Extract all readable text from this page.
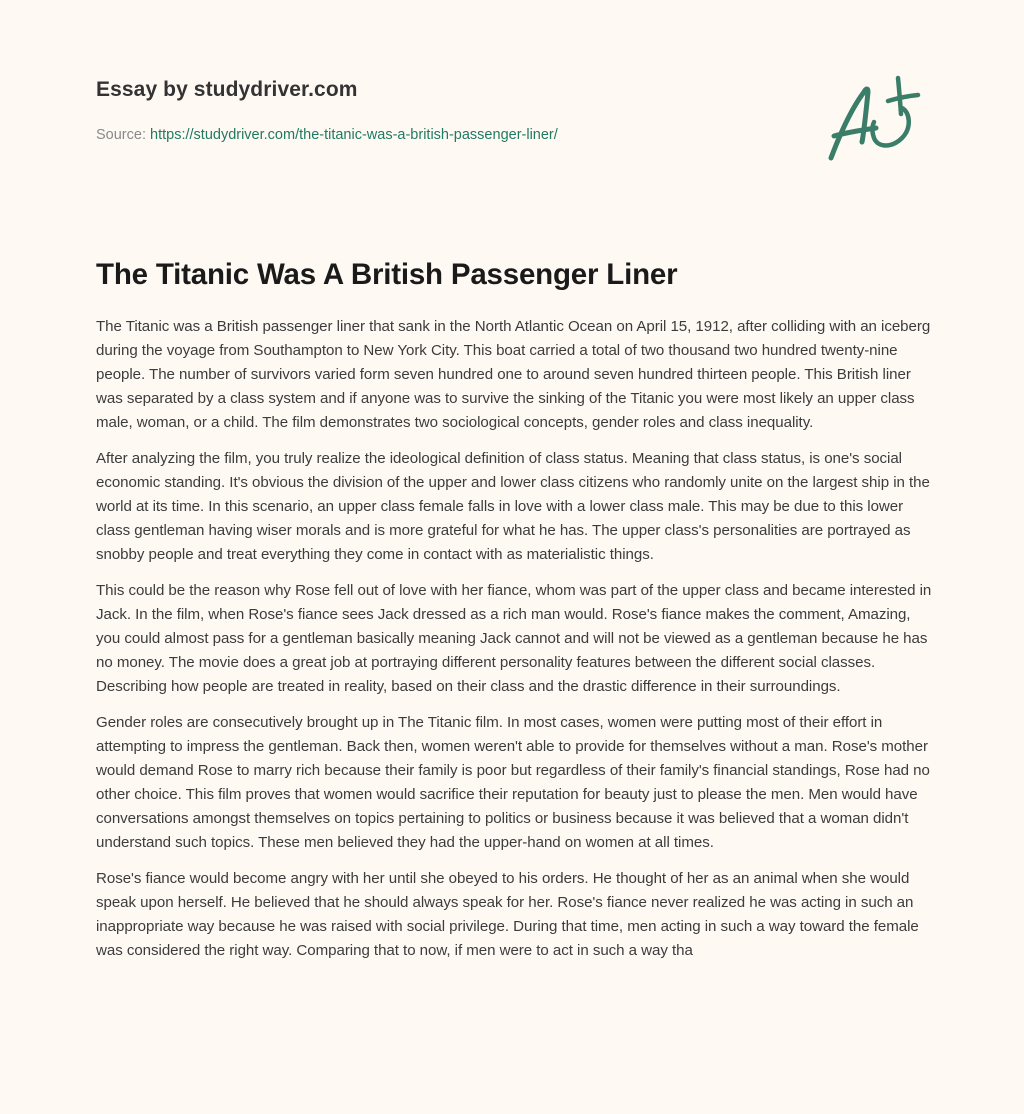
Essay by studydriver.com
Source: https://studydriver.com/the-titanic-was-a-british-passenger-liner/
The Titanic Was A British Passenger Liner

The Titanic was a British passenger liner that sank in the North Atlantic Ocean on April 15, 1912, after colliding with an iceberg during the voyage from Southampton to New York City. This boat carried a total of two thousand two hundred twenty-nine people. The number of survivors varied form seven hundred one to around seven hundred thirteen people. This British liner was separated by a class system and if anyone was to survive the sinking of the Titanic you were most likely an upper class male, woman, or a child. The film demonstrates two sociological concepts, gender roles and class inequality.

After analyzing the film, you truly realize the ideological definition of class status. Meaning that class status, is one's social economic standing. It's obvious the division of the upper and lower class citizens who randomly unite on the largest ship in the world at its time. In this scenario, an upper class female falls in love with a lower class male. This may be due to this lower class gentleman having wiser morals and is more grateful for what he has. The upper class's personalities are portrayed as snobby people and treat everything they come in contact with as materialistic things.

This could be the reason why Rose fell out of love with her fiance, whom was part of the upper class and became interested in Jack. In the film, when Rose's fiance sees Jack dressed as a rich man would. Rose's fiance makes the comment, Amazing, you could almost pass for a gentleman basically meaning Jack cannot and will not be viewed as a gentleman because he has no money. The movie does a great job at portraying different personality features between the different social classes. Describing how people are treated in reality, based on their class and the drastic difference in their surroundings.

Gender roles are consecutively brought up in The Titanic film. In most cases, women were putting most of their effort in attempting to impress the gentleman. Back then, women weren't able to provide for themselves without a man. Rose's mother would demand Rose to marry rich because their family is poor but regardless of their family's financial standings, Rose had no other choice. This film proves that women would sacrifice their reputation for beauty just to please the men. Men would have conversations amongst themselves on topics pertaining to politics or business because it was believed that a woman didn't understand such topics. These men believed they had the upper-hand on women at all times.

Rose's fiance would become angry with her until she obeyed to his orders. He thought of her as an animal when she would speak upon herself. He believed that he should always speak for her. Rose's fiance never realized he was acting in such an inappropriate way because he was raised with social privilege. During that time, men acting in such a way toward the female was considered the right way. Comparing that to now, if men were to act in such a way tha
